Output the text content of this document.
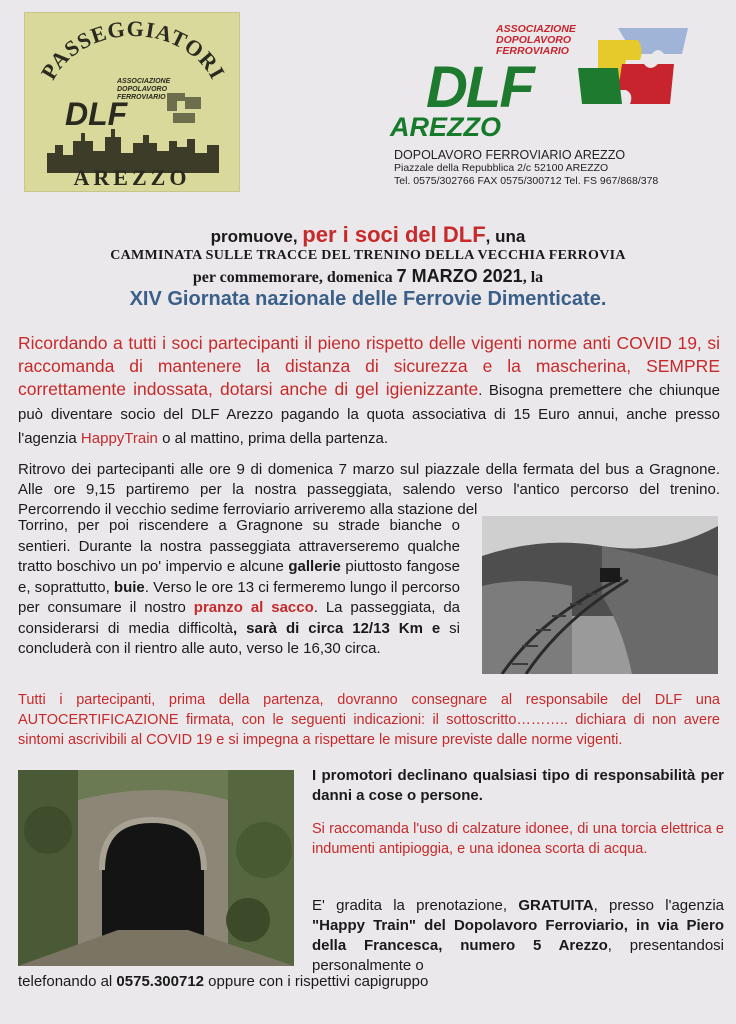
PASSEGGIATORI
ASSOCIAZIONE
DOPOLAVORO
FERROVIARIO
DLF
AREZZO
ASSOCIAZIONE
DOPOLAVORO
FERROVIARIO
DLF
AREZZO
DOPOLAVORO FERROVIARIO AREZZO
Piazzale della Repubblica 2/c 52100 AREZZO
Tel. 0575/302766 FAX 0575/300712 Tel. FS 967/868/378
promuove, per i soci del DLF, una
CAMMINATA SULLE TRACCE DEL TRENINO DELLA VECCHIA FERROVIA
per commemorare, domenica 7 MARZO 2021, la
XIV Giornata nazionale delle Ferrovie Dimenticate.
Ricordando a tutti i soci partecipanti il pieno rispetto delle vigenti norme anti COVID 19, si raccomanda di mantenere la distanza di sicurezza e la mascherina, SEMPRE correttamente indossata, dotarsi anche di gel igienizzante. Bisogna premettere che chiunque può diventare socio del DLF Arezzo pagando la quota associativa di 15 Euro annui, anche presso l'agenzia HappyTrain o al mattino, prima della partenza.
Ritrovo dei partecipanti alle ore 9 di domenica 7 marzo sul piazzale della fermata del bus a Gragnone. Alle ore 9,15 partiremo per la nostra passeggiata, salendo verso l'antico percorso del trenino. Percorrendo il vecchio sedime ferroviario arriveremo alla stazione del
Torrino, per poi riscendere a Gragnone su strade bianche o sentieri. Durante la nostra passeggiata attraverseremo qualche tratto boschivo un po' impervio e alcune gallerie piuttosto fangose e, soprattutto, buie. Verso le ore 13 ci fermeremo lungo il percorso per consumare il nostro pranzo al sacco. La passeggiata, da considerarsi di media difficoltà, sarà di circa 12/13 Km e si concluderà con il rientro alle auto, verso le 16,30 circa.
Tutti i partecipanti, prima della partenza, dovranno consegnare al responsabile del DLF una AUTOCERTIFICAZIONE firmata, con le seguenti indicazioni: il sottoscritto……….. dichiara di non avere sintomi ascrivibili al COVID 19 e si impegna a rispettare le misure previste dalle norme vigenti.
I promotori declinano qualsiasi tipo di responsabilità per danni a cose o persone.
Si raccomanda l'uso di calzature idonee, di una torcia elettrica e indumenti antipioggia, e una idonea scorta di acqua.
E' gradita la prenotazione, GRATUITA, presso l'agenzia "Happy Train" del Dopolavoro Ferroviario, in via Piero della Francesca, numero 5 Arezzo, presentandosi personalmente o
telefonando al 0575.300712 oppure con i rispettivi capigruppo
